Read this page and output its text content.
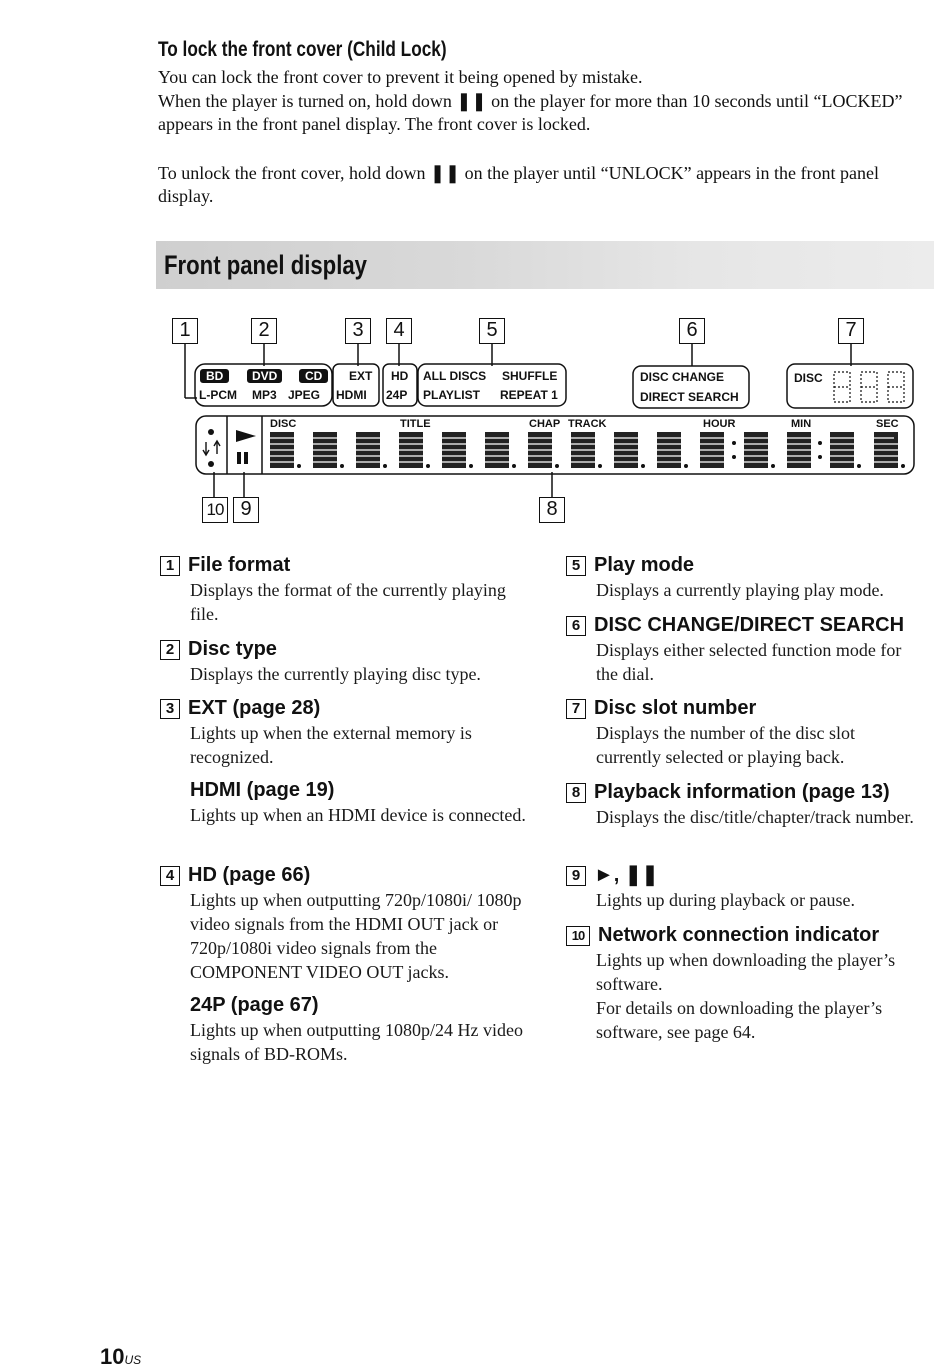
To lock the front cover (Child Lock)
You can lock the front cover to prevent it being opened by mistake.
When the player is turned on, hold down ❚❚ on the player for more than 10 seconds until “LOCKED” appears in the front panel display. The front cover is locked.
To unlock the front cover, hold down ❚❚ on the player until “UNLOCK” appears in the front panel display.
Front panel display
1	2	3	4	5	6	7
8
9
10
BD	DVD	CD
L-PCM MP3 JPEG
EXT
HDMI
HD
24P
ALL DISCS SHUFFLE
PLAYLIST REPEAT 1
DISC CHANGE
DIRECT SEARCH
DISC
DISC	TITLE	CHAP TRACK	HOUR	MIN	SEC
1 File format
Displays the format of the currently playing file.
2 Disc type
Displays the currently playing disc type.
3 EXT (page 28)
Lights up when the external memory is recognized.
HDMI (page 19)
Lights up when an HDMI device is connected.
4 HD (page 66)
Lights up when outputting 720p/1080i/ 1080p video signals from the HDMI OUT jack or 720p/1080i video signals from the COMPONENT VIDEO OUT jacks.
24P (page 67)
Lights up when outputting 1080p/24 Hz video signals of BD-ROMs.
5 Play mode
Displays a currently playing play mode.
6 DISC CHANGE/DIRECT SEARCH
Displays either selected function mode for the dial.
7 Disc slot number
Displays the number of the disc slot currently selected or playing back.
8 Playback information (page 13)
Displays the disc/title/chapter/track number.
9 ►, ❚❚
Lights up during playback or pause.
10 Network connection indicator
Lights up when downloading the player’s software.
For details on downloading the player’s software, see page 64.
10US
